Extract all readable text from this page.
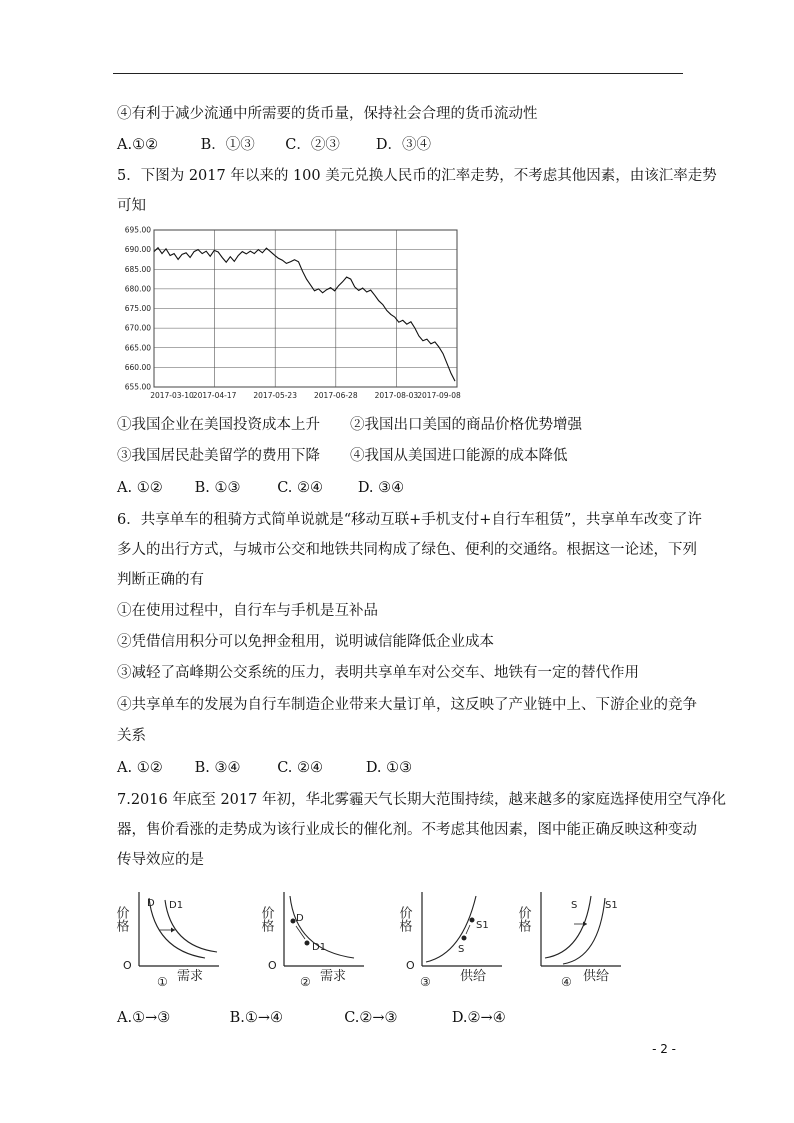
④有利于减少流通中所需要的货币量，保持社会合理的货币流动性
A.①②	B．①③ C．②③ D．③④
5．下图为 2017 年以来的 100 美元兑换人民币的汇率走势，不考虑其他因素，由该汇率走势
可知
695.00
690.00
685.00
680.00
675.00
670.00
665.00
660.00
655.00
2017-03-10 2017-04-17 2017-05-23 2017-06-28 2017-08-03 2017-09-08
①我国企业在美国投资成本上升 ②我国出口美国的商品价格优势增强
③我国居民赴美留学的费用下降 ④我国从美国进口能源的成本降低
A. ①② B. ①③	C. ②④ D. ③④
6．共享单车的租骑方式简单说就是“移动互联+手机支付+自行车租赁”，共享单车改变了许
多人的出行方式，与城市公交和地铁共同构成了绿色、便利的交通络。根据这一论述，下列
判断正确的有
①在使用过程中，自行车与手机是互补品
②凭借信用积分可以免押金租用，说明诚信能降低企业成本
③减轻了高峰期公交系统的压力，表明共享单车对公交车、地铁有一定的替代作用
④共享单车的发展为自行车制造企业带来大量订单，这反映了产业链中上、下游企业的竞争
关系
A. ①② B. ③④	C. ②④	D. ①③
7.2016 年底至 2017 年初，华北雾霾天气长期大范围持续，越来越多的家庭选择使用空气净化
器，售价看涨的走势成为该行业成长的催化剂。不考虑其他因素，图中能正确反映这种变动
传导效应的是
价格
O
D D1
① 需求
价格
O
D
D1
② 需求
价格
O
S
S1
③ 供给
价格
S	S1
④ 供给
A.①→③	B.①→④	C.②→③	D.②→④
- 2 -
